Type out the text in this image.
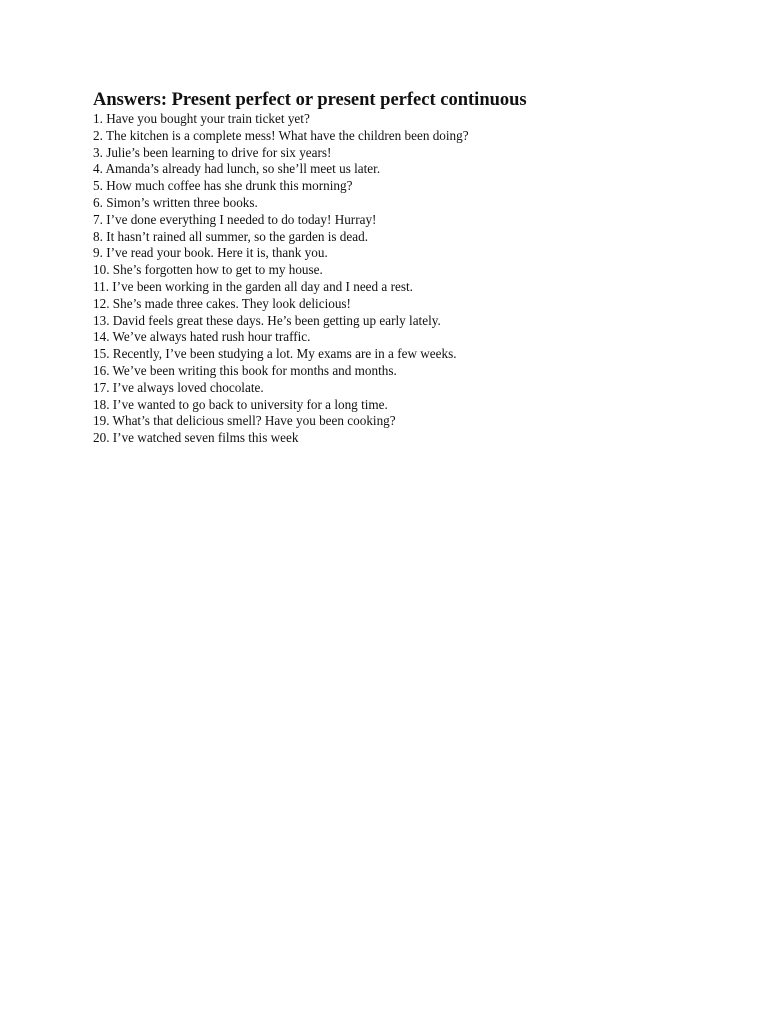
Answers: Present perfect or present perfect continuous
1. Have you bought your train ticket yet?
2. The kitchen is a complete mess! What have the children been doing?
3. Julie’s been learning to drive for six years!
4. Amanda’s already had lunch, so she’ll meet us later.
5. How much coffee has she drunk this morning?
6. Simon’s written three books.
7. I’ve done everything I needed to do today! Hurray!
8. It hasn’t rained all summer, so the garden is dead.
9. I’ve read your book. Here it is, thank you.
10. She’s forgotten how to get to my house.
11. I’ve been working in the garden all day and I need a rest.
12. She’s made three cakes. They look delicious!
13. David feels great these days. He’s been getting up early lately.
14. We’ve always hated rush hour traffic.
15. Recently, I’ve been studying a lot. My exams are in a few weeks.
16. We’ve been writing this book for months and months.
17. I’ve always loved chocolate.
18. I’ve wanted to go back to university for a long time.
19. What’s that delicious smell? Have you been cooking?
20. I’ve watched seven films this week
